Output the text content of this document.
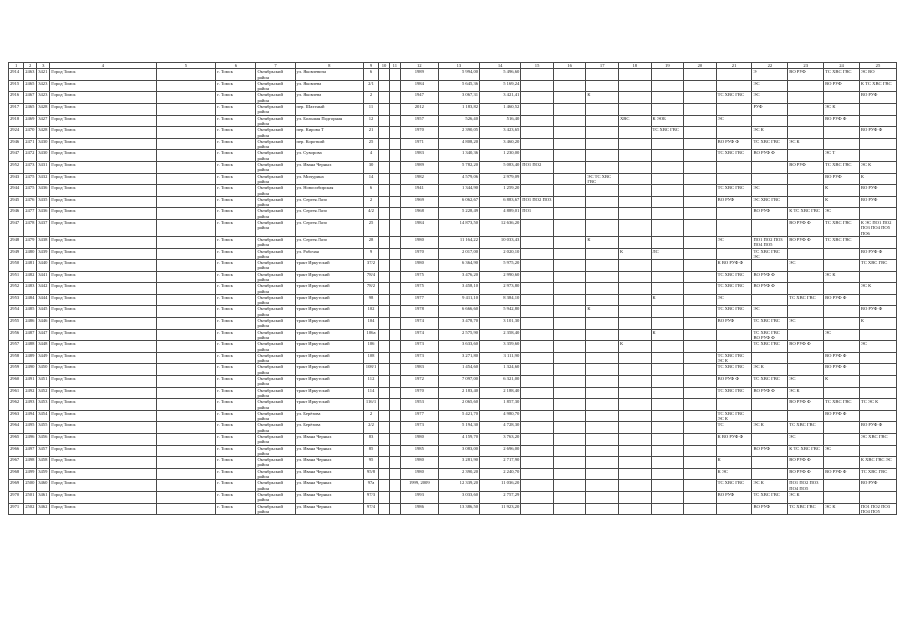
1	2	3	4	5	6	7	8	9	10	11	12	13	14	15	16	17	18	19	20	21	22	23	24	25
2914	2463	3421	Город Томск		г. Томск	Октябрьский район	ул. Яковлевича	6			1989	5 994,00	5 496,60								Э	ВО РУФ	ТС ХВС ГВС	ЭС ВО
2915	2465	3423	Город Томск		г. Томск	Октябрьский район	ул. Яковлева	2/1			1984	5 645,36	5 169,24								ЭС		ВО РУФ	К ТС ХВС ГВС
2916	2467	3423	Город Томск		г. Томск	Октябрьский район	ул. Яковлева	2			1947	3 067,31	3 421,41			К				ТС ХВС ГВС	ЭС			ВО РУФ
2917	2465	3428	Город Томск		г. Томск	Октябрьский район	пер. Шахтный	11			2012	1 183,82	1 460,52								РУФ		ЭС К	
2918	2469	3427	Город Томск		г. Томск	Октябрьский район	ул. Большая Подгорная	12			1957	526,40	516,40				ХВС	К ЭОБ		ЭС			ВО РУФ Ф	
2924	2470	3428	Город Томск		г. Томск	Октябрьский район	пер. Кирова Т	21			1970	2 390,05	3 423,65					ТС ХВС ГВС			ЭС К			ВО РУФ Ф
2946	2471	3430	Город Томск		г. Томск	Октябрьский район	пер. Короткий	25			1971	4 808,20	3 460,20							ВО РУФ Ф	ТС ХВС ГВС	ЭС К		
2947	2472	3430	Город Томск		г. Томск	Октябрьский район	ул. Суворова	4			1983	1 340,36	1 230,00							ТС ХВС ГВС	ВО РУФ Ф		ЭС Т	
2952	2473	3431	Город Томск		г. Томск	Октябрьский район	ул. Ивана Черных	30			1989	5 782,20	5 083,40	ПО1 ПО2								ВО РУФ	ТС ХВС ГВС	ЭС К
2943	2475	3432	Город Томск		г. Томск	Октябрьский район	ул. Мичурина	14			1982	4 579,06	2 979,09			ЭС ТС ХВС ГВС							ВО РУФ	К
2944	2475	3436	Город Томск		г. Томск	Октябрьский район	ул. Новосибирская	6			1941	1 344,90	1 259,20							ТС ХВС ГВС	ЭС		К	ВО РУФ
2945	2476	3435	Город Томск		г. Томск	Октябрьский район	ул. Сергея Лазо	2			1969	6 062,67	6 883,67	ПО1 ПО2 ПО3						ВО РУФ	ЭС ХВС ГВС		К	ВО РУФ
2946	2477	3436	Город Томск		г. Томск	Октябрьский район	ул. Сергея Лазо	4/2			1968	5 228,49	4 889,01	ПО1							ВО РУФ	К ТС ХВС ГВС	ЭС	
2947	2478	3437	Город Томск		г. Томск	Октябрьский район	ул. Сергея Лазо	25			1984	14 873,50	12 636,20									ВО РУФ Ф	ТС ХВС ГВС	К ЭС ПО1 ПО2 ПО3 ПО4 ПО5 ПО6
2948	2479	3438	Город Томск		г. Томск	Октябрьский район	ул. Сергея Лазо	28			1980	11 164,22	10 033,43			К				ЭС	ПО1 ПО2 ПО3 ПО4 ПО5	ВО РУФ Ф	ТС ХВС ГВС	
2949	2480	3439	Город Томск		г. Томск	Октябрьский район	ул. Рабочая	9			1970	2 017,00	2 020,10				К	ЛС			ТС ХВС ГВС ЭС			ВО РУФ Ф
2950	2481	3440	Город Томск		г. Томск	Октябрьский район	тракт Иркутский	37/2			1980	6 364,90	5 975,20							К ВО РУФ Ф		ЭС		ТС ХВС ГВС
2951	2482	3441	Город Томск		г. Томск	Октябрьский район	тракт Иркутский	78/4			1975	3 476,20	2 990,60							ТС ХВС ГВС	ВО РУФ Ф		ЭС К	
2952	2483	3442	Город Томск		г. Томск	Октябрьский район	тракт Иркутский	78/2			1975	3 458,10	2 973,80							ТС ХВС ГВС	ВО РУФ Ф			ЭС К
2953	2484	3444	Город Томск		г. Томск	Октябрьский район	тракт Иркутский	98			1977	9 411,10	8 384,10					К		ЭС		ТС ХВС ГВС	ВО РУФ Ф	
2954	2485	3445	Город Томск		г. Томск	Октябрьский район	тракт Иркутский	102			1978	6 666,60	5 942,80			К				ТС ХВС ГВС	ЭС			ВО РУФ Ф
2955	2486	3446	Город Томск		г. Томск	Октябрьский район	тракт Иркутский	104			1974	3 478,70	3 101,30							ВО РУФ	ТС ХВС ГВС	ЭС		К
2956	2487	3447	Город Томск		г. Томск	Октябрьский район	тракт Иркутский	106а			1974	2 575,90	2 358,40					К			ТС ХВС ГВС ВО РУФ Ф		ЭС	
2957	2488	3448	Город Томск		г. Томск	Октябрьский район	тракт Иркутский	106			1973	3 633,60	3 359,60				К				ТС ХВС ГВС	ВО РУФ Ф		ЭС
2958	2489	3449	Город Томск		г. Томск	Октябрьский район	тракт Иркутский	108			1973	3 271,80	3 111,90							ТС ХВС ГВС ЭС К			ВО РУФ Ф	
2959	2490	3450	Город Томск		г. Томск	Октябрьский район	тракт Иркутский	108/1			1983	1 454,60	1 324,60							ТС ХВС ГВС	ЭС К		ВО РУФ Ф	
2960	2491	3451	Город Томск		г. Томск	Октябрьский район	тракт Иркутский	112			1972	7 097,00	6 321,00							ВО РУФ Ф	ТС ХВС ГВС	ЭС	К	
2961	2492	3452	Город Томск		г. Томск	Октябрьский район	тракт Иркутский	114			1970	2 183,40	2 188,40							ТС ХВС ГВС	ВО РУФ Ф	ЭС К		
2962	2493	3453	Город Томск		г. Томск	Октябрьский район	тракт Иркутский	116/1			1953	2 065,60	1 857,30									ВО РУФ Ф	ТС ХВС ГВС	ТС ЭС К
2963	2494	3454	Город Томск		г. Томск	Октябрьский район	ул. Берёзова	2			1977	5 421,70	4 980,70							ТС ХВС ГВС ЭС К			ВО РУФ Ф	
2964	2495	3455	Город Томск		г. Томск	Октябрьский район	ул. Берёзова	2/2			1973	5 194,30	4 728,30							ТС	ЭС К	ТС ХВС ГВС		ВО РУФ Ф
2965	2496	3456	Город Томск		г. Томск	Октябрьский район	ул. Ивана Черных	83			1980	4 159,70	3 763,20							К ВО РУФ Ф		ЭС		ЭС ХВС ГВС
2966	2497	3457	Город Томск		г. Томск	Октябрьский район	ул. Ивана Черных	85			1985	3 083,00	2 696,00								ВО РУФ	К ТС ХВС ГВС	ЭС	
2967	2498	3458	Город Томск		г. Томск	Октябрьский район	ул. Ивана Черных	95			1980	3 281,90	2 717,90							К		ВО РУФ Ф		К ХВС ГВС ЭС
2968	2499	3459	Город Томск		г. Томск	Октябрьский район	ул. Ивана Черных	95/8			1980	2 390,20	2 240,70							К ЭС		ВО РУФ Ф	ВО РУФ Ф	ТС ХВС ГВС
2969	2500	3460	Город Томск		г. Томск	Октябрьский район	ул. Ивана Черных	97а			1999, 2009	12 339,20	11 036,20							ТС ХВС ГВС	ЭС К	ПО1 ПО2 ПО3 ПО4 ПО5		ВО РУФ
2970	2501	3461	Город Томск		г. Томск	Октябрьский район	ул. Ивана Черных	97/3			1993	3 033,60	2 757,29							ВО РУФ	ТС ХВС ГВС	ЭС К		
2971	2502	3462	Город Томск		г. Томск	Октябрьский район	ул. Ивана Черных	97/4			1986	13 386,50	11 923,20								ВО РУФ	ТС ХВС ГВС	ЭС К	ПО1 ПО2 ПО3 ПО4 ПО5
